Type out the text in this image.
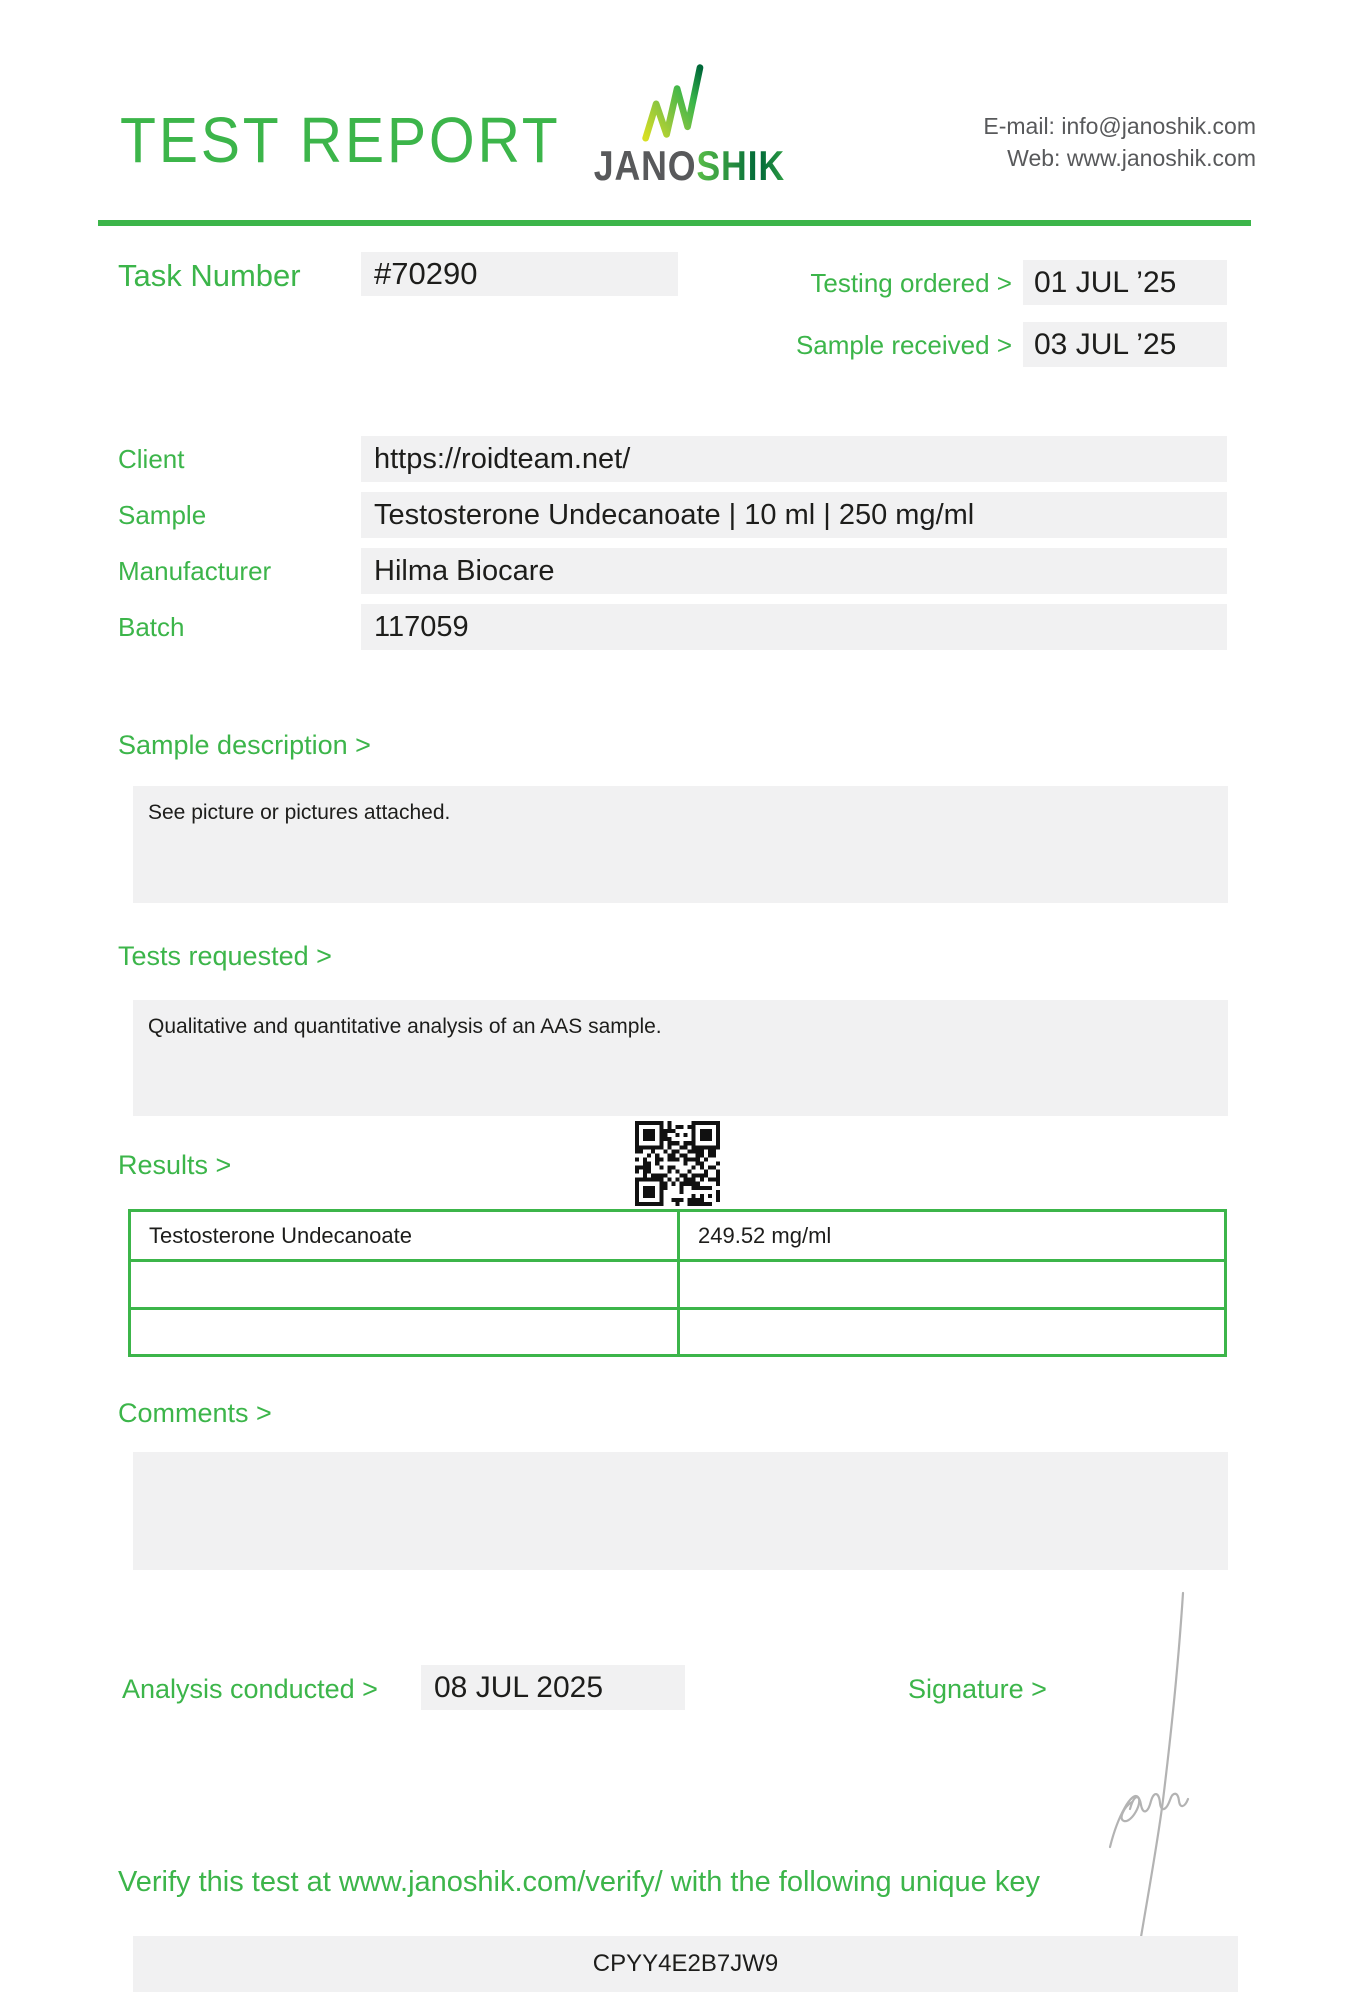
TEST REPORT JANOSHIK
E-mail: info@janoshik.com
Web: www.janoshik.com
Task Number	#70290	Testing ordered > 01 JUL ’25
Sample received > 03 JUL ’25
Client	https://roidteam.net/
Sample	Testosterone Undecanoate | 10 ml | 250 mg/ml
Manufacturer	Hilma Biocare
Batch	117059
Sample description >
See picture or pictures attached.
Tests requested >
Qualitative and quantitative analysis of an AAS sample.
Results >
Testosterone Undecanoate	249.52 mg/ml
Comments >
Analysis conducted >	08 JUL 2025	Signature >
Verify this test at www.janoshik.com/verify/ with the following unique key
CPYY4E2B7JW9
